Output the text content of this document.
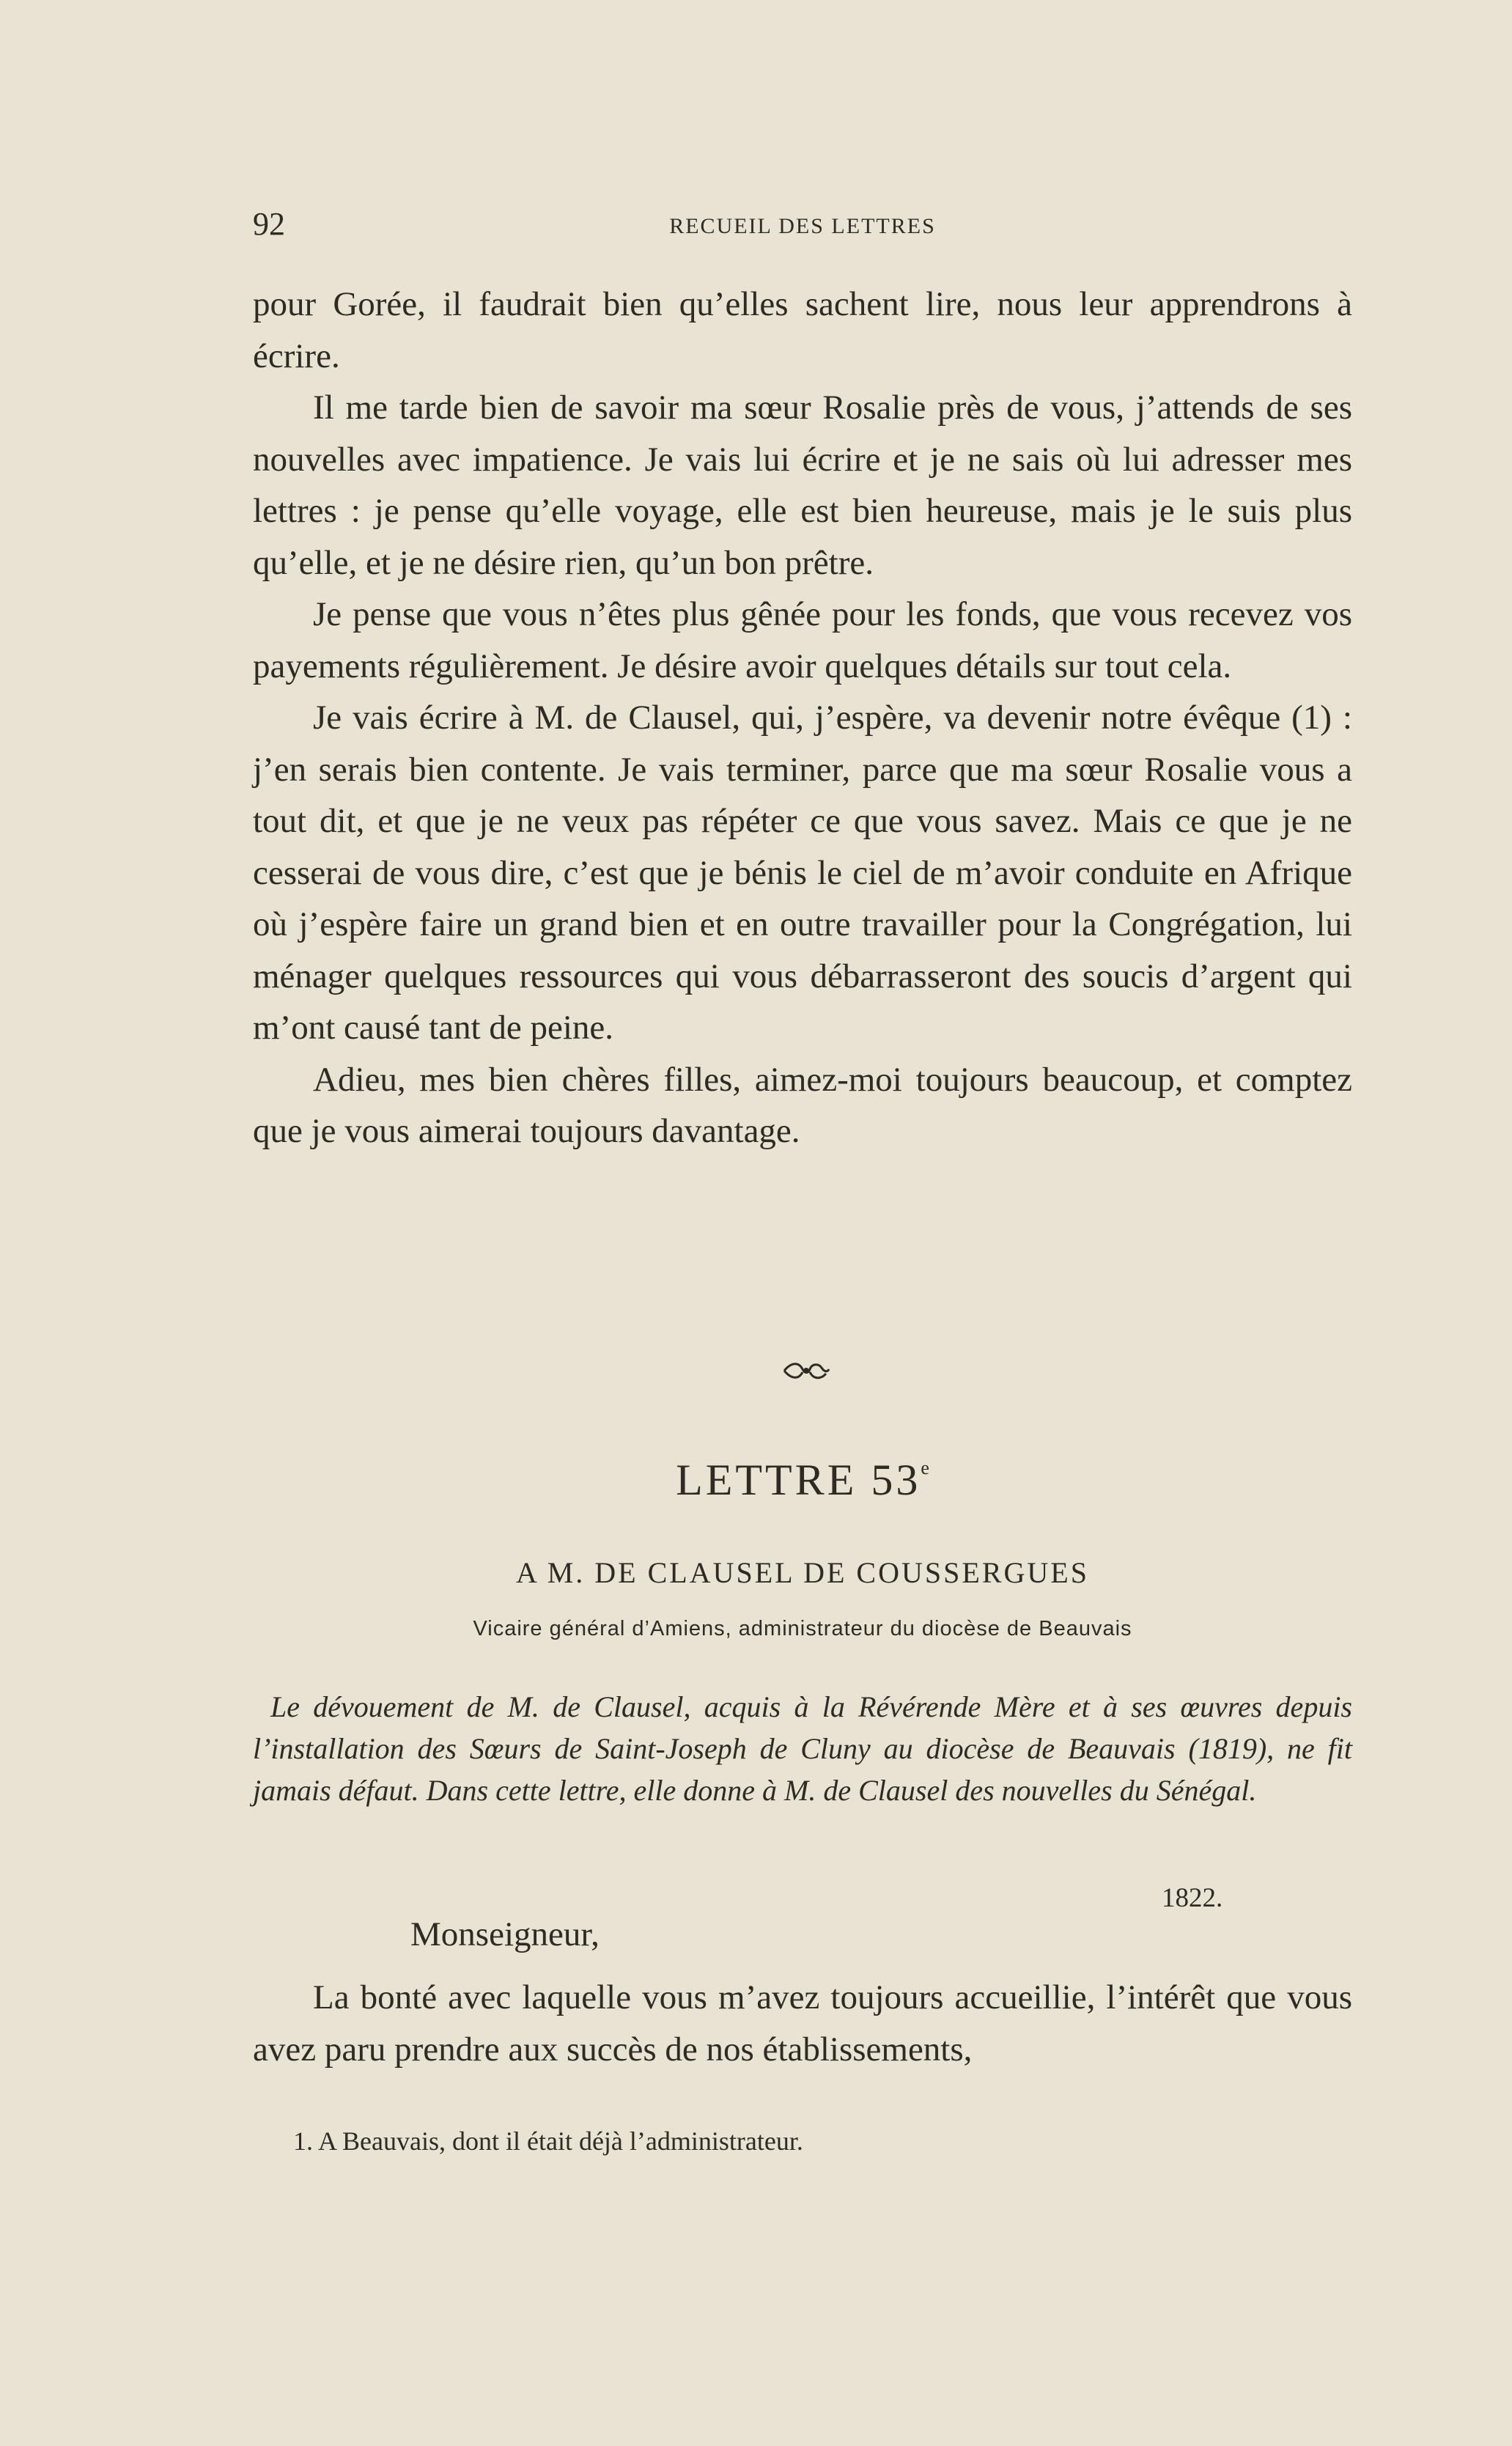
92	RECUEIL DES LETTRES

pour Gorée, il faudrait bien qu’elles sachent lire, nous leur apprendrons à écrire.

Il me tarde bien de savoir ma sœur Rosalie près de vous, j’attends de ses nouvelles avec impatience. Je vais lui écrire et je ne sais où lui adresser mes lettres : je pense qu’elle voyage, elle est bien heureuse, mais je le suis plus qu’elle, et je ne désire rien, qu’un bon prêtre.

Je pense que vous n’êtes plus gênée pour les fonds, que vous recevez vos payements régulièrement. Je désire avoir quelques détails sur tout cela.

Je vais écrire à M. de Clausel, qui, j’espère, va devenir notre évêque (1) : j’en serais bien contente. Je vais terminer, parce que ma sœur Rosalie vous a tout dit, et que je ne veux pas répéter ce que vous savez. Mais ce que je ne cesserai de vous dire, c’est que je bénis le ciel de m’avoir conduite en Afrique où j’espère faire un grand bien et en outre travailler pour la Congrégation, lui ménager quelques ressources qui vous débarrasseront des soucis d’argent qui m’ont causé tant de peine.

Adieu, mes bien chères filles, aimez-moi toujours beaucoup, et comptez que je vous aimerai toujours davantage.

LETTRE 53e
A M. DE CLAUSEL DE COUSSERGUES
Vicaire général d’Amiens, administrateur du diocèse de Beauvais
Le dévouement de M. de Clausel, acquis à la Révérende Mère et à ses œuvres depuis l’installation des Sœurs de Saint-Joseph de Cluny au diocèse de Beauvais (1819), ne fit jamais défaut. Dans cette lettre, elle donne à M. de Clausel des nouvelles du Sénégal.
1822.
Monseigneur,
La bonté avec laquelle vous m’avez toujours accueillie, l’intérêt que vous avez paru prendre aux succès de nos établissements,
1. A Beauvais, dont il était déjà l’administrateur.
